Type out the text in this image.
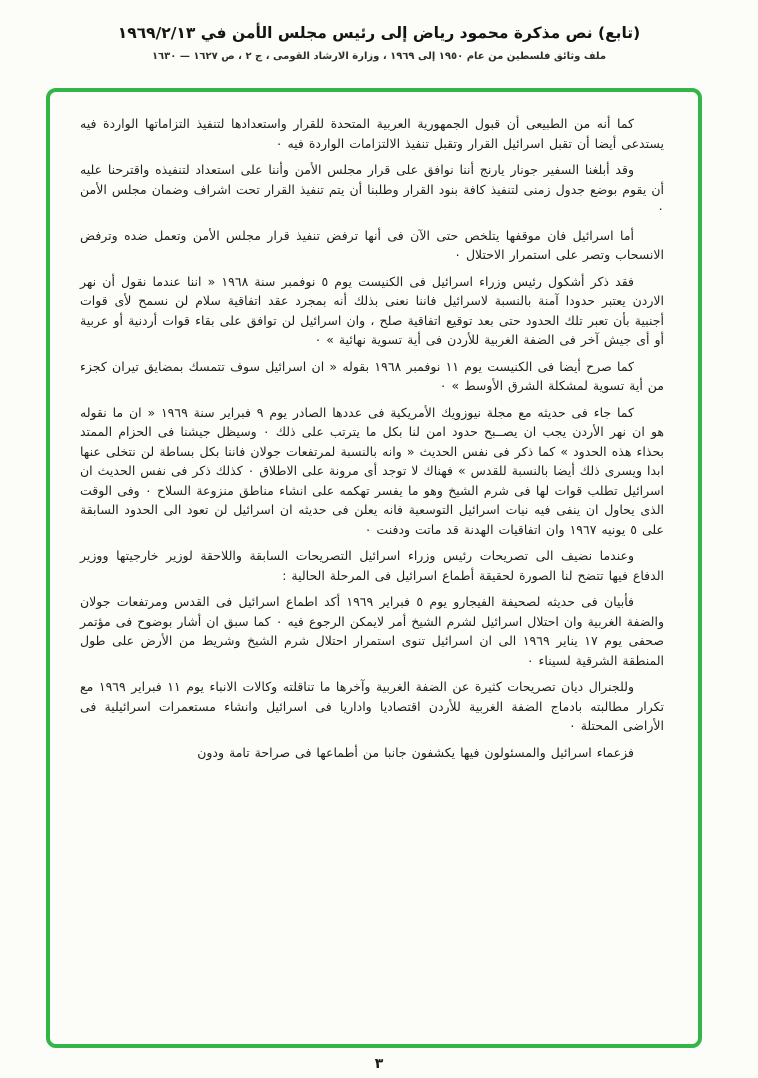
(تابع) نص مذكرة محمود رياض إلى رئيس مجلس الأمن في ١٩٦٩/٢/١٣
ملف وثائق فلسطين من عام ١٩٥٠ إلى ١٩٦٩ ، وزارة الارشاد القومى ، ج ٢ ، ص ١٦٢٧ — ١٦٣٠

كما أنه من الطبيعى أن قبول الجمهورية العربية المتحدة للقرار واستعدادها لتنفيذ التزاماتها الواردة فيه يستدعى أيضا أن تقبل اسرائيل القرار وتقبل تنفيذ الالتزامات الواردة فيه ٠

وقد أبلغنا السفير جونار يارنج أننا نوافق على قرار مجلس الأمن وأننا على استعداد لتنفيذه واقترحنا عليه أن يقوم بوضع جدول زمنى لتنفيذ كافة بنود القرار وطلبنا أن يتم تنفيذ القرار تحت اشراف وضمان مجلس الأمن ٠

أما اسرائيل فان موقفها يتلخص حتى الآن فى أنها ترفض تنفيذ قرار مجلس الأمن وتعمل ضده وترفض الانسحاب وتصر على استمرار الاحتلال ٠

فقد ذكر أشكول رئيس وزراء اسرائيل فى الكنيست يوم ٥ نوفمبر سنة ١٩٦٨ « اننا عندما نقول أن نهر الاردن يعتبر حدودا آمنة بالنسبة لاسرائيل فاننا نعنى بذلك أنه بمجرد عقد اتفاقية سلام لن نسمح لأى قوات أجنبية بأن تعبر تلك الحدود حتى بعد توقيع اتفاقية صلح ، وان اسرائيل لن توافق على بقاء قوات أردنية أو عربية أو أى جيش آخر فى الضفة الغربية للأردن فى أية تسوية نهائية » ٠

كما صرح أيضا فى الكنيست يوم ١١ نوفمبر ١٩٦٨ بقوله « ان اسرائيل سوف تتمسك بمضايق تيران كجزء من أية تسوية لمشكلة الشرق الأوسط » ٠

كما جاء فى حديثه مع مجلة نيوزويك الأمريكية فى عددها الصادر يوم ٩ فبراير سنة ١٩٦٩ « ان ما نقوله هو ان نهر الأردن يجب ان يصــبح حدود امن لنا بكل ما يترتب على ذلك ٠ وسيظل جيشنا فى الحزام الممتد بحذاء هذه الحدود » كما ذكر فى نفس الحديث « وانه بالنسبة لمرتفعات جولان فاننا بكل بساطة لن نتخلى عنها ابدا ويسرى ذلك أيضا بالنسبة للقدس » فهناك لا توجد أى مرونة على الاطلاق ٠ كذلك ذكر فى نفس الحديث ان اسرائيل تطلب قوات لها فى شرم الشيخ وهو ما يفسر تهكمه على انشاء مناطق منزوعة السلاح ٠ وفى الوقت الذى يحاول ان ينفى فيه نيات اسرائيل التوسعية فانه يعلن فى حديثه ان اسرائيل لن تعود الى الحدود السابقة على ٥ يونيه ١٩٦٧ وان اتفاقيات الهدنة قد ماتت ودفنت ٠

وعندما نضيف الى تصريحات رئيس وزراء اسرائيل التصريحات السابقة واللاحقة لوزير خارجيتها ووزير الدفاع فيها تتضح لنا الصورة لحقيقة أطماع اسرائيل فى المرحلة الحالية :

فأبيان فى حديثه لصحيفة الفيجارو يوم ٥ فبراير ١٩٦٩ أكد اطماع اسرائيل فى القدس ومرتفعات جولان والضفة الغربية وان احتلال اسرائيل لشرم الشيخ أمر لايمكن الرجوع فيه ٠ كما سبق ان أشار بوضوح فى مؤتمر صحفى يوم ١٧ يناير ١٩٦٩ الى ان اسرائيل تنوى استمرار احتلال شرم الشيخ وشريط من الأرض على طول المنطقة الشرقية لسيناء ٠

وللجنرال ديان تصريحات كثيرة عن الضفة الغربية وآخرها ما تناقلته وكالات الانباء يوم ١١ فبراير ١٩٦٩ مع تكرار مطالبته بادماج الضفة الغربية للأردن اقتصاديا واداريا فى اسرائيل وانشاء مستعمرات اسرائيلية فى الأراضى المحتلة ٠

فزعماء اسرائيل والمسئولون فيها يكشفون جانبا من أطماعها فى صراحة تامة ودون

٣
